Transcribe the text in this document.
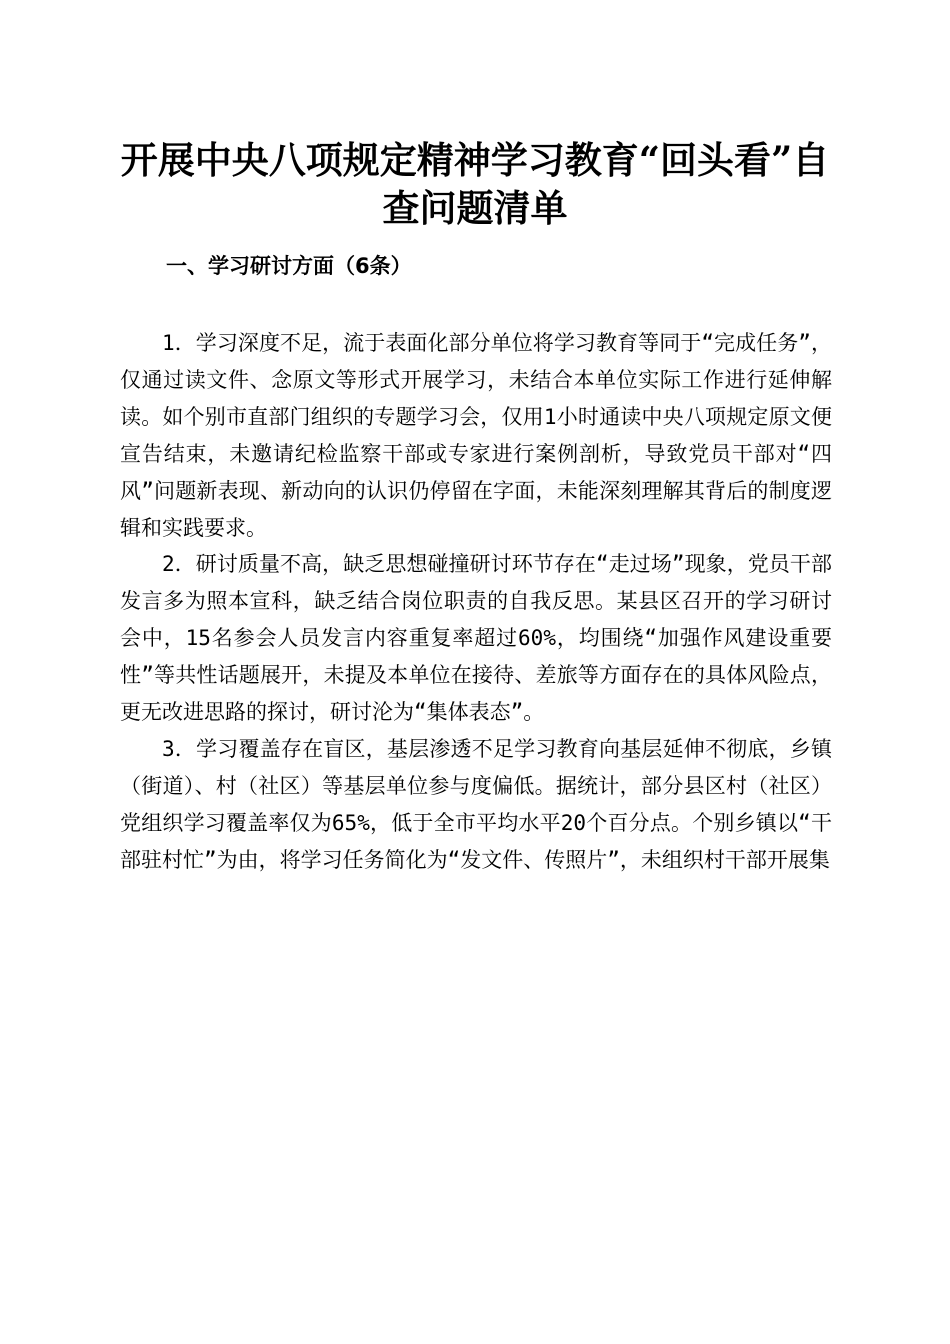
开展中央八项规定精神学习教育“回头看”自查问题清单
一、学习研讨方面（6条）

1．学习深度不足，流于表面化部分单位将学习教育等同于“完成任务”，仅通过读文件、念原文等形式开展学习，未结合本单位实际工作进行延伸解读。如个别市直部门组织的专题学习会，仅用1小时通读中央八项规定原文便宣告结束，未邀请纪检监察干部或专家进行案例剖析，导致党员干部对“四风”问题新表现、新动向的认识仍停留在字面，未能深刻理解其背后的制度逻辑和实践要求。

2．研讨质量不高，缺乏思想碰撞研讨环节存在“走过场”现象，党员干部发言多为照本宣科，缺乏结合岗位职责的自我反思。某县区召开的学习研讨会中，15名参会人员发言内容重复率超过60%，均围绕“加强作风建设重要性”等共性话题展开，未提及本单位在接待、差旅等方面存在的具体风险点，更无改进思路的探讨，研讨沦为“集体表态”。

3．学习覆盖存在盲区，基层渗透不足学习教育向基层延伸不彻底，乡镇（街道）、村（社区）等基层单位参与度偏低。据统计，部分县区村（社区）党组织学习覆盖率仅为65%，低于全市平均水平20个百分点。个别乡镇以“干部驻村忙”为由，将学习任务简化为“发文件、传照片”，未组织村干部开展集
